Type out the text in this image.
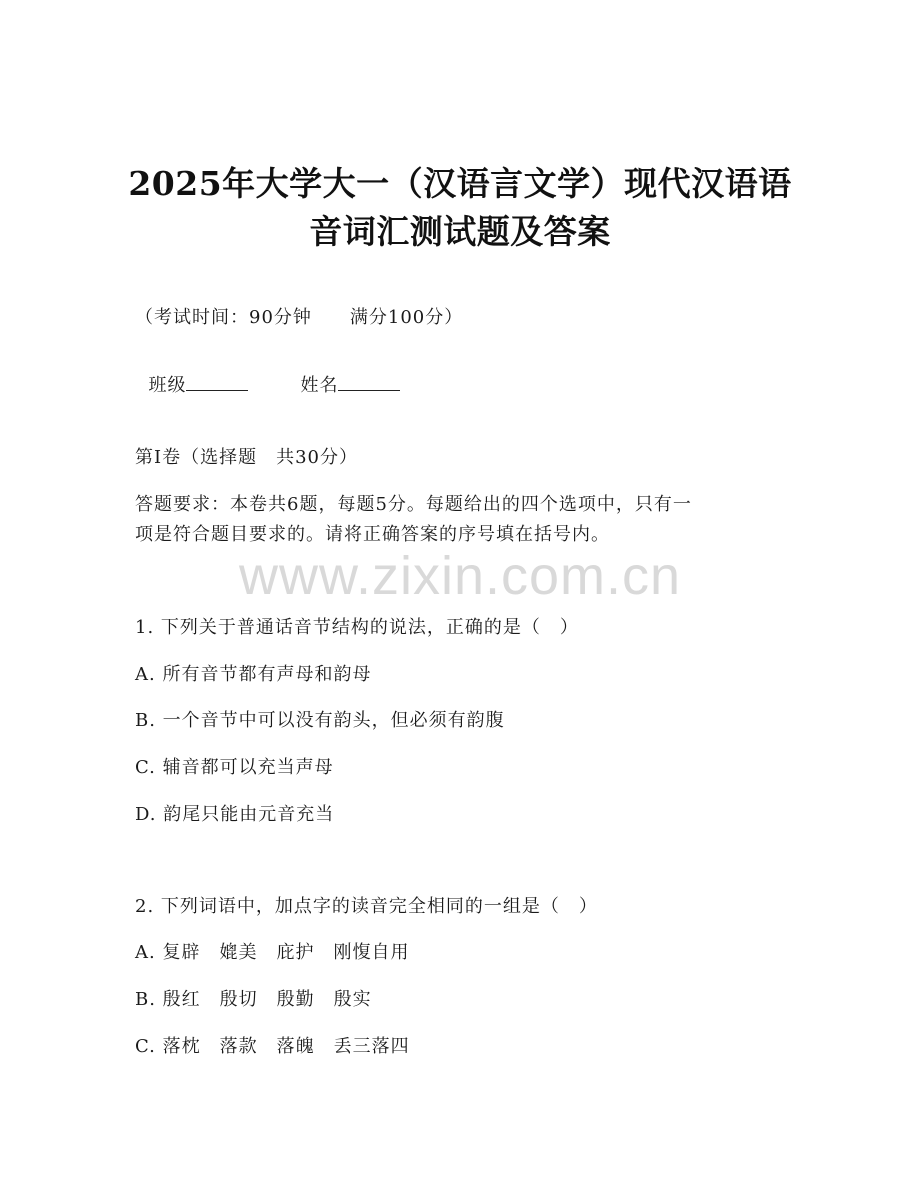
2025年大学大一（汉语言文学）现代汉语语
音词汇测试题及答案
（考试时间：90分钟　　满分100分）

班级	姓名

第Ⅰ卷（选择题　共30分）
答题要求：本卷共6题，每题5分。每题给出的四个选项中，只有一
项是符合题目要求的。请将正确答案的序号填在括号内。
www.zixin.com.cn
1. 下列关于普通话音节结构的说法，正确的是（　）
A. 所有音节都有声母和韵母
B. 一个音节中可以没有韵头，但必须有韵腹
C. 辅音都可以充当声母
D. 韵尾只能由元音充当
2. 下列词语中，加点字的读音完全相同的一组是（　）
A. 复辟　媲美　庇护　刚愎自用
B. 殷红　殷切　殷勤　殷实
C. 落枕　落款　落魄　丢三落四
